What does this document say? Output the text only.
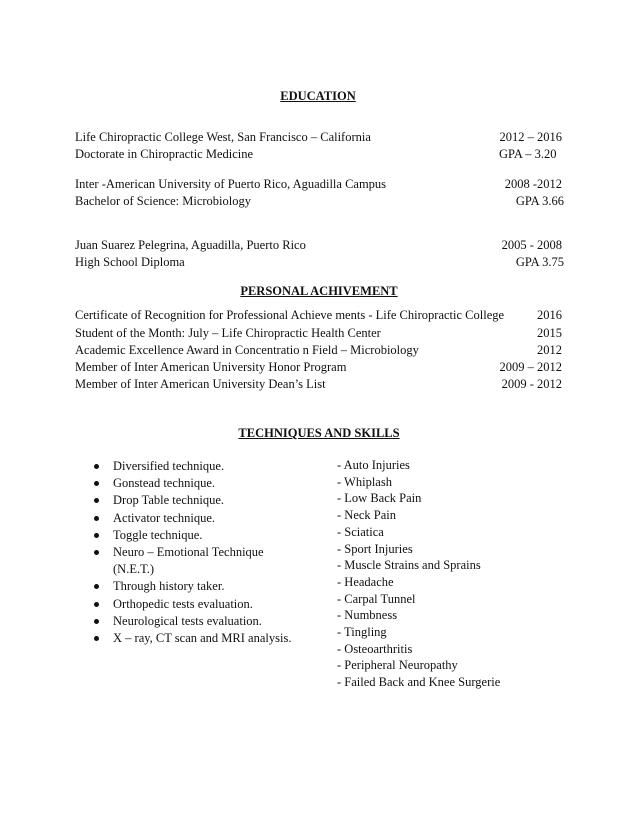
EDUCATION
Life Chiropractic College West, San Francisco – California	2012 – 2016
Doctorate in Chiropractic Medicine	GPA – 3.20
Inter -American University of Puerto Rico, Aguadilla Campus	2008 -2012
Bachelor of Science: Microbiology	GPA 3.66
Juan Suarez Pelegrina, Aguadilla, Puerto Rico	2005 - 2008
High School Diploma	GPA 3.75
PERSONAL ACHIVEMENT
Certificate of Recognition for Professional Achieve ments - Life Chiropractic College	2016
Student of the Month: July – Life Chiropractic Health Center	2015
Academic Excellence Award in Concentratio n Field – Microbiology	2012
Member of Inter American University Honor Program	2009 – 2012
Member of Inter American University Dean’s List	2009 - 2012
TECHNIQUES AND SKILLS
Diversified technique.
Gonstead technique.
Drop Table technique.
Activator technique.
Toggle technique.
Neuro – Emotional Technique
(N.E.T.)
Through history taker.
Orthopedic tests evaluation.
Neurological tests evaluation.
X – ray, CT scan and MRI analysis.
- Auto Injuries
- Whiplash
- Low Back Pain
- Neck Pain
- Sciatica
- Sport Injuries
- Muscle Strains and Sprains
- Headache
- Carpal Tunnel
- Numbness
- Tingling
- Osteoarthritis
- Peripheral Neuropathy
- Failed Back and Knee Surgerie
